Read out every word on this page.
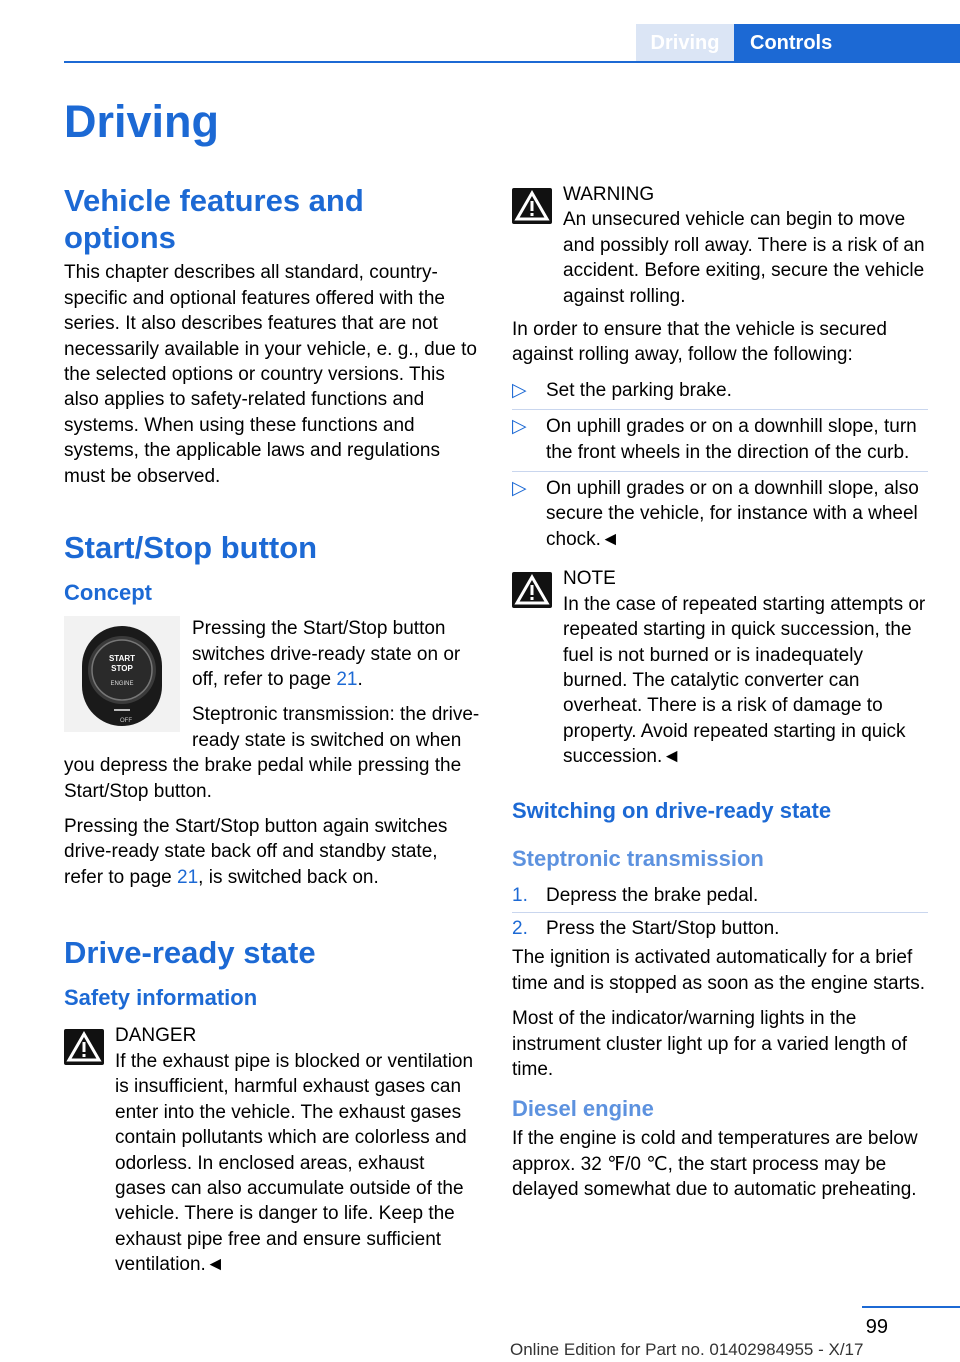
Driving	Controls
Driving
Vehicle features and options

This chapter describes all standard, country-specific and optional features offered with the series. It also describes features that are not necessarily available in your vehicle, e. g., due to the selected options or country versions. This also applies to safety-related functions and systems. When using these functions and systems, the applicable laws and regulations must be observed.

Start/Stop button
Concept
START
STOP
ENGINE
OFF

Pressing the Start/Stop button switches drive-ready state on or off, refer to page 21.

Steptronic transmission: the drive-ready state is switched on when you depress the brake pedal while pressing the Start/Stop button.

Pressing the Start/Stop button again switches drive-ready state back off and standby state, refer to page 21, is switched back on.

Drive-ready state
Safety information
DANGER
If the exhaust pipe is blocked or ventilation is insufficient, harmful exhaust gases can enter into the vehicle. The exhaust gases contain pollutants which are colorless and odorless. In enclosed areas, exhaust gases can also accumulate outside of the vehicle. There is danger to life. Keep the exhaust pipe free and ensure sufficient ventilation.◄
WARNING
An unsecured vehicle can begin to move and possibly roll away. There is a risk of an accident. Before exiting, secure the vehicle against rolling.

In order to ensure that the vehicle is secured against rolling away, follow the following:

▷	Set the parking brake.
▷	On uphill grades or on a downhill slope, turn the front wheels in the direction of the curb.
▷	On uphill grades or on a downhill slope, also secure the vehicle, for instance with a wheel chock.◄
NOTE
In the case of repeated starting attempts or repeated starting in quick succession, the fuel is not burned or is inadequately burned. The catalytic converter can overheat. There is a risk of damage to property. Avoid repeated starting in quick succession.◄
Switching on drive-ready state
Steptronic transmission
1. Depress the brake pedal.
2. Press the Start/Stop button.

The ignition is activated automatically for a brief time and is stopped as soon as the engine starts.

Most of the indicator/warning lights in the instrument cluster light up for a varied length of time.

Diesel engine

If the engine is cold and temperatures are below approx. 32 ℉/0 ℃, the start process may be delayed somewhat due to automatic preheating.

99
Online Edition for Part no. 01402984955 - X/17
